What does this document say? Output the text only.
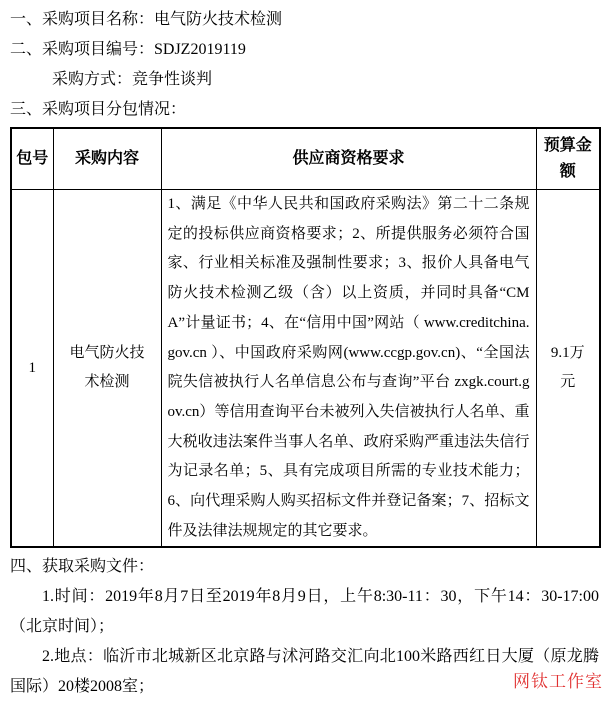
一、采购项目名称：电气防火技术检测

二、采购项目编号：SDJZ2019119

采购方式：竞争性谈判

三、采购项目分包情况：

包号	采购内容	供应商资格要求	预算金额
1	电气防火技术检测	1、满足《中华人民共和国政府采购法》第二十二条规定的投标供应商资格要求；2、所提供服务必须符合国家、行业相关标准及强制性要求；3、报价人具备电气防火技术检测乙级（含）以上资质，并同时具备“CMA”计量证书；4、在“信用中国”网站（ www.creditchina.gov.cn ）、中国政府采购网(www.ccgp.gov.cn)、“全国法院失信被执行人名单信息公布与查询”平台 zxgk.court.gov.cn）等信用查询平台未被列入失信被执行人名单、重大税收违法案件当事人名单、政府采购严重违法失信行为记录名单；5、具有完成项目所需的专业技术能力；6、向代理采购人购买招标文件并登记备案；7、招标文件及法律法规规定的其它要求。	9.1万元

四、获取采购文件：

1.时间：2019年8月7日至2019年8月9日，上午8:30-11：30，下午14：30-17:00（北京时间）；

2.地点：临沂市北城新区北京路与沭河路交汇向北100米路西红日大厦（原龙腾国际）20楼2008室；	网钛工作室
